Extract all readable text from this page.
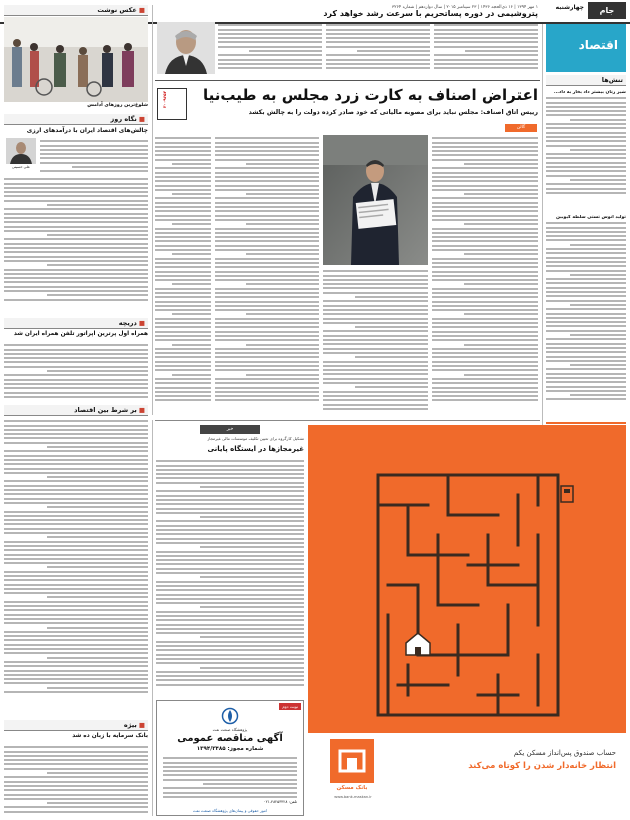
جام
چهارشنبه
۱ مهر ۱۳۹۴ | ۱۶ ذی‌الحجه ۱۴۳۶ | ۲۳ سپتامبر ۲۰۱۵ | سال دوازدهم | شماره ۳۲۶۴
اقتصاد
تنش‌ها
شیر زنان بیشتر داد بخار به داد...
تولید آنوس تستی سلطه کیوبین
پتروشیمی در دوره پسا‌تحریم با سرعت رشد خواهد کرد
اعتراض اصناف به کارت زرد مجلس به طیب‌نیا
۳۰۰۹۶۵۲
رییس اتاق اصناف: مجلس نباید برای مصوبه مالیاتی که خود صادر کرده دولت را به چالش بکشد
گالن
■عکس نوشت
شلوغ‌ترین روزهای آدامس
■نگاه روز
چالش‌های اقتصاد ایران با درآمدهای ارزی
علی حسینی
■دریچه
همراه اول پرترین اپراتور تلفن همراه ایران شد
■بر شرط بین اقتصاد
■بیژه
بانک سرمایه با زبان ده شد
خبر
تشکیل کارگروه برای تعیین تکلیف موسسات مالی غیرمجاز
غیرمجازها در ایستگاه پایانی
نوبت دوم
پژوهشگاه صنعت نفت
آگهی مناقصه عمومی
شماره مجوز: ۱۳۹۴/۳۴۸۵
تلفن: ۴۸۲۵۳۴۲۸-۰۲۱
امور حقوقی و پیمان‌های پژوهشگاه صنعت نفت
بانک مسکن
www.bank-maskan.ir
حساب صندوق پس‌انداز مسکن یکم
انتظار خانه‌دار شدن را کوتاه می‌کند
